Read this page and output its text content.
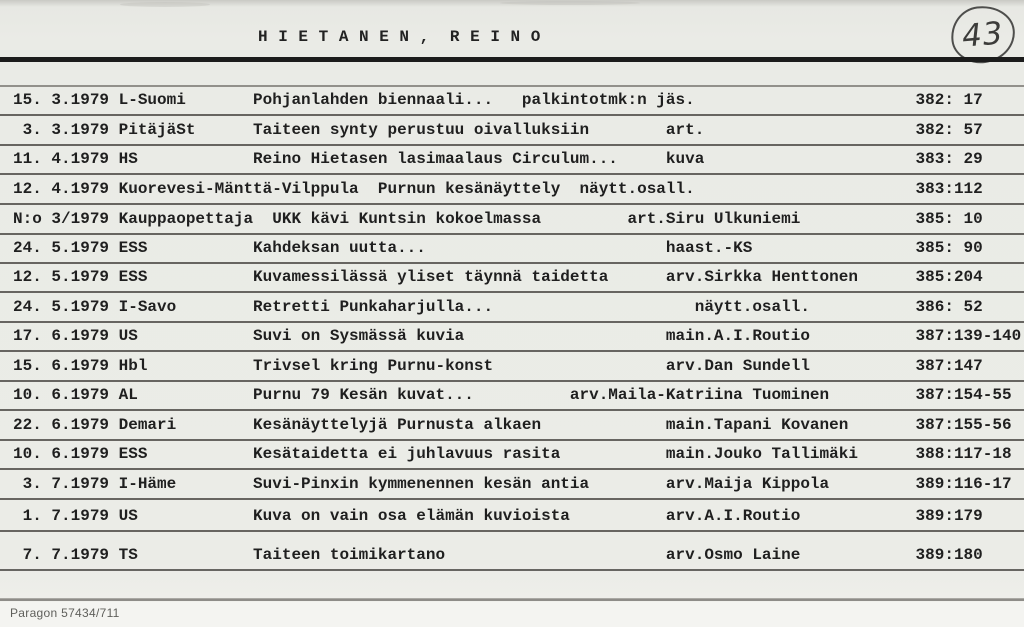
H I E T A N E N ,  R E I N O	43
15. 3.1979 L-Suomi       Pohjanlahden biennaali...   palkintotmk:n jäs.                       382: 17
3. 3.1979 PitäjäSt      Taiteen synty perustuu oivalluksiin        art.                      382: 57
11. 4.1979 HS            Reino Hietasen lasimaalaus Circulum...     kuva                      383: 29
12. 4.1979 Kuorevesi-Mänttä-Vilppula  Purnun kesänäyttely  näytt.osall.                       383:112
N:o 3/1979 Kauppaopettaja  UKK kävi Kuntsin kokoelmassa         art.Siru Ulkuniemi            385: 10
24. 5.1979 ESS           Kahdeksan uutta...                         haast.-KS                 385: 90
12. 5.1979 ESS           Kuvamessilässä yliset täynnä taidetta      arv.Sirkka Henttonen      385:204
24. 5.1979 I-Savo        Retretti Punkaharjulla...                     näytt.osall.           386: 52
17. 6.1979 US            Suvi on Sysmässä kuvia                     main.A.I.Routio           387:139-140
15. 6.1979 Hbl           Trivsel kring Purnu-konst                  arv.Dan Sundell           387:147
10. 6.1979 AL            Purnu 79 Kesän kuvat...          arv.Maila-Katriina Tuominen         387:154-55
22. 6.1979 Demari        Kesänäyttelyjä Purnusta alkaen             main.Tapani Kovanen       387:155-56
10. 6.1979 ESS           Kesätaidetta ei juhlavuus rasita           main.Jouko Tallimäki      388:117-18
3. 7.1979 I-Häme        Suvi-Pinxin kymmenennen kesän antia        arv.Maija Kippola         389:116-17
1. 7.1979 US            Kuva on vain osa elämän kuvioista          arv.A.I.Routio            389:179
7. 7.1979 TS            Taiteen toimikartano                       arv.Osmo Laine            389:180
Paragon 57434/711
